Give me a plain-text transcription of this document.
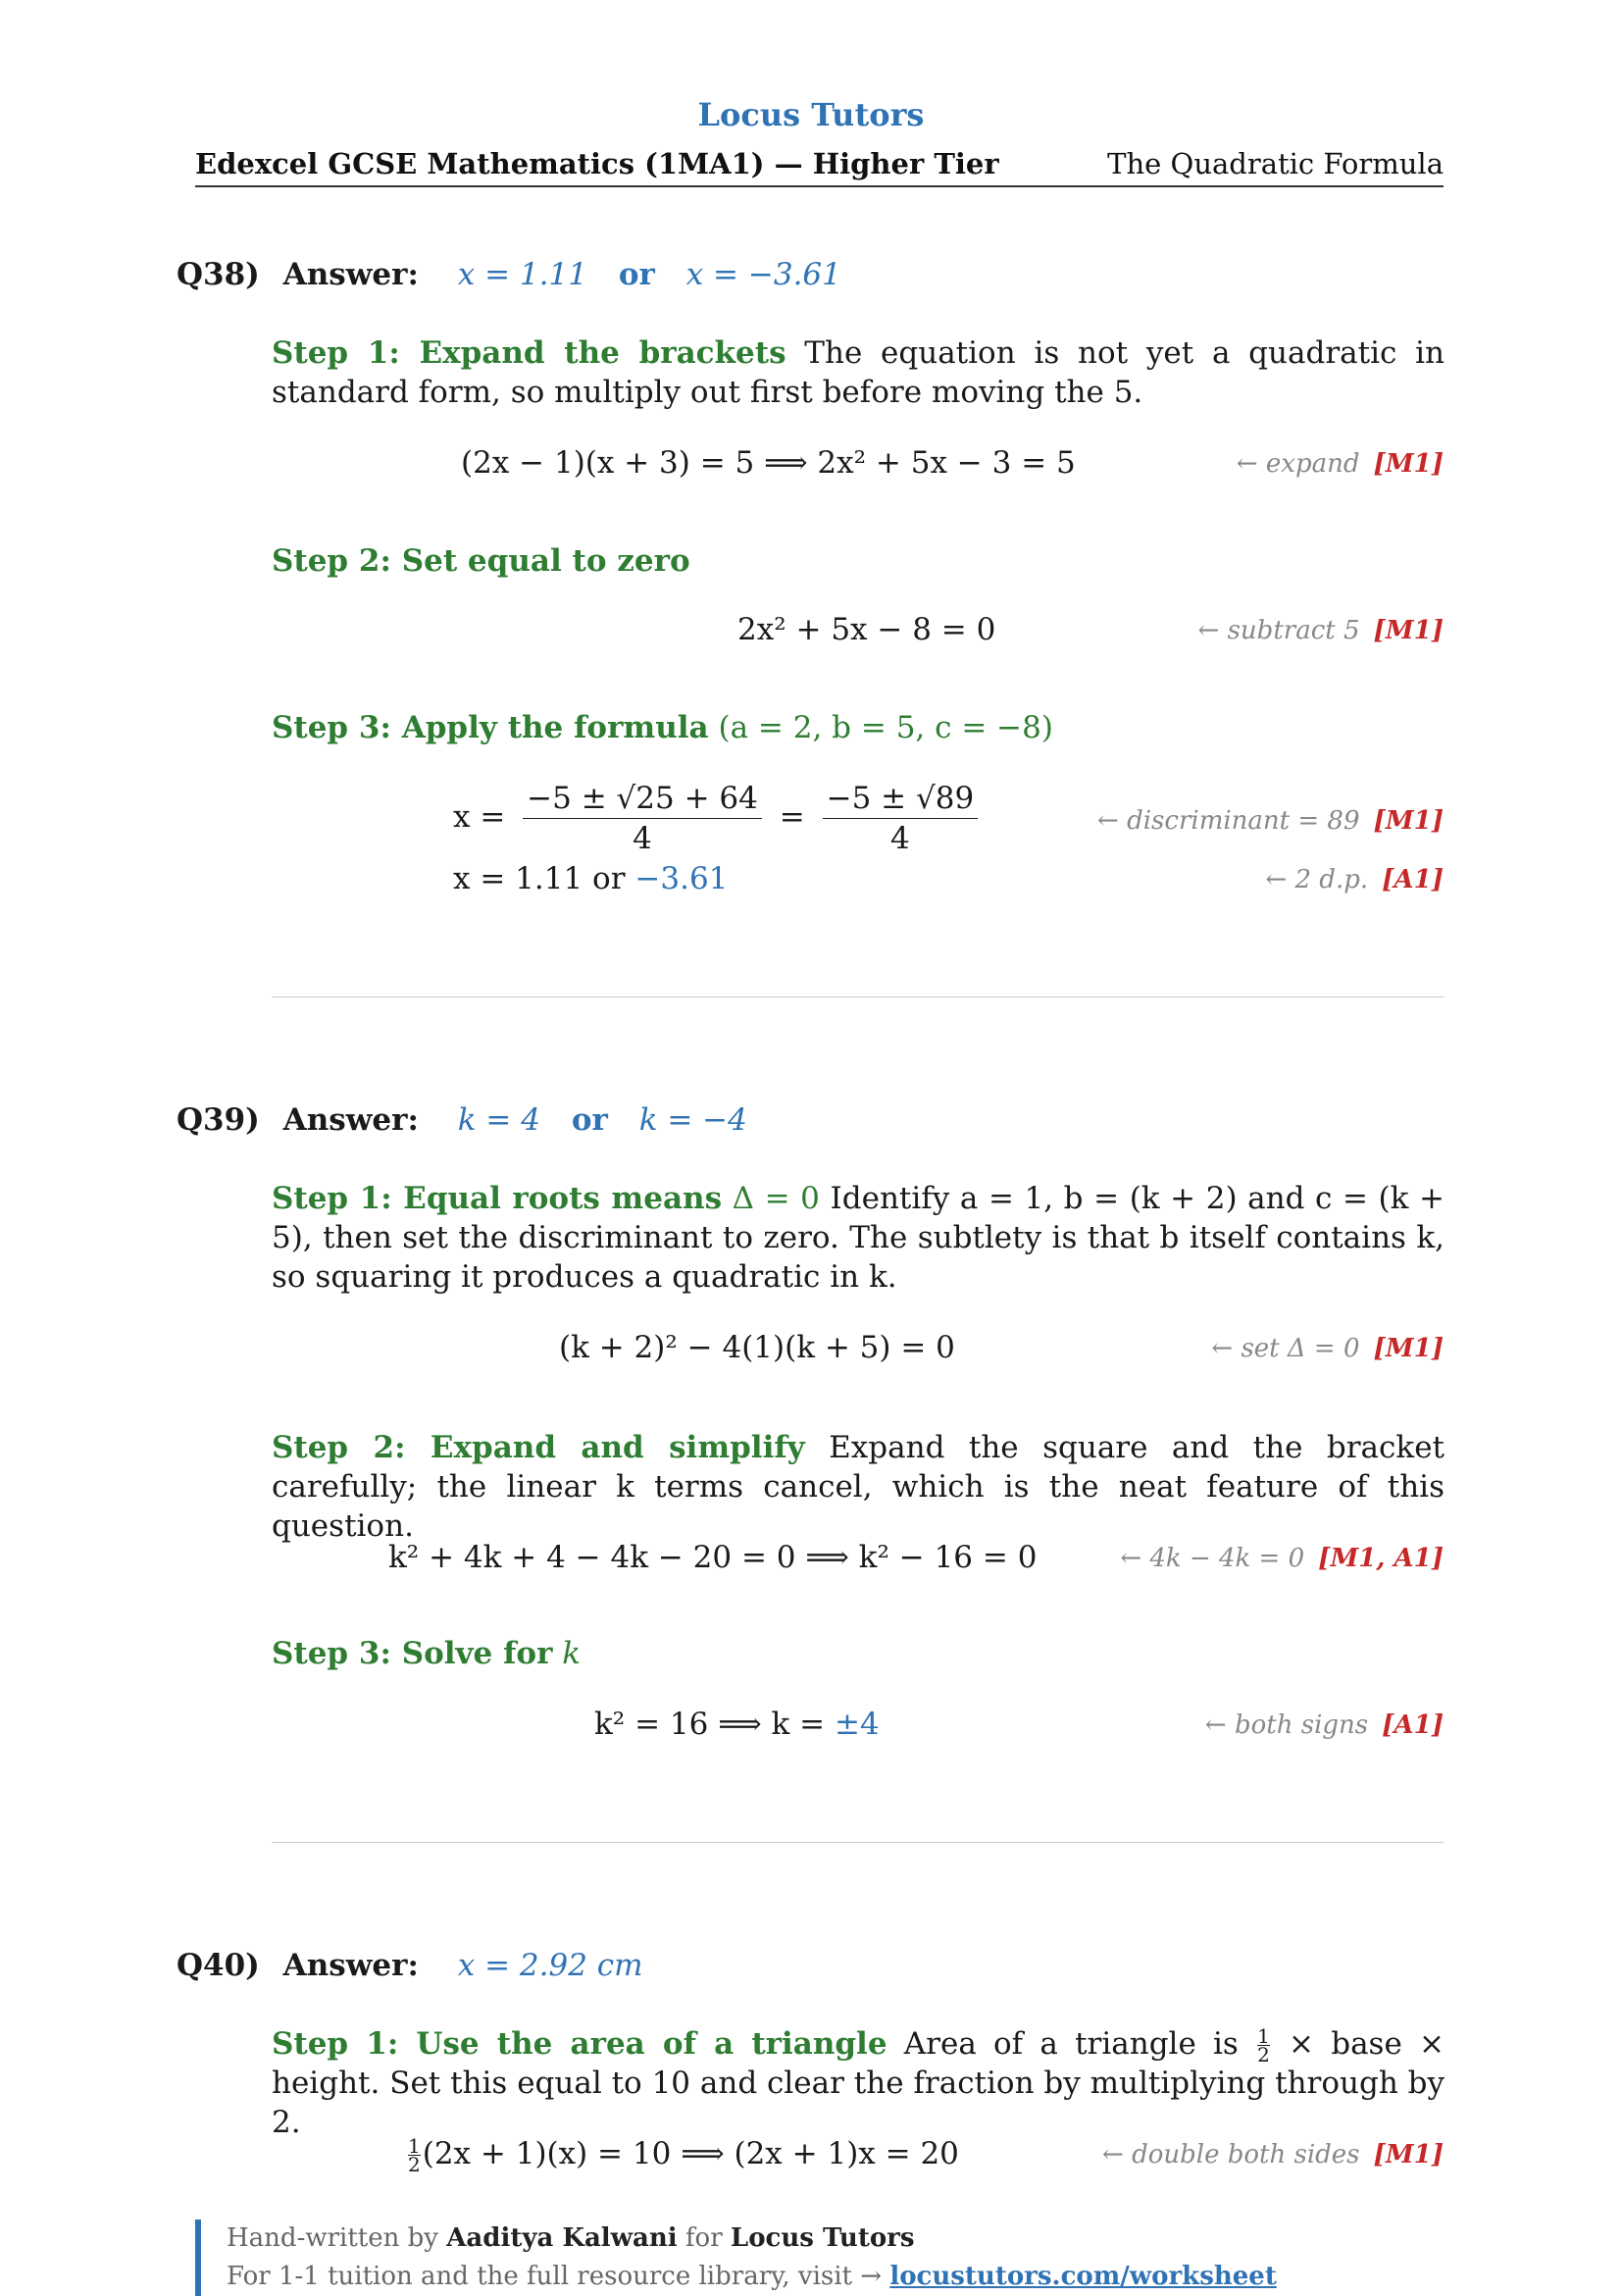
Locus Tutors
Edexcel GCSE Mathematics (1MA1) — Higher Tier	The Quadratic Formula
Q38) Answer: x = 1.11 or x = −3.61
Step 1: Expand the brackets The equation is not yet a quadratic in standard form, so multiply out first before moving the 5.
(2x − 1)(x + 3) = 5 ⟹ 2x² + 5x − 3 = 5	← expand [M1]
Step 2: Set equal to zero
2x² + 5x − 8 = 0	← subtract 5 [M1]
Step 3: Apply the formula (a = 2, b = 5, c = −8)
$x = \frac{-5 \pm √25 + 64}{4} = \frac{-5 \pm √89}{4}$	← discriminant = 89 [M1]
x = 1.11 or −3.61	← 2 d.p. [A1]
Q39) Answer: k = 4 or k = −4
Step 1: Equal roots means Δ = 0 Identify a = 1, b = (k + 2) and c = (k + 5), then set the discriminant to zero. The subtlety is that b itself contains k, so squaring it produces a quadratic in k.
(k + 2)² − 4(1)(k + 5) = 0	← set Δ = 0 [M1]
Step 2: Expand and simplify Expand the square and the bracket carefully; the linear k terms cancel, which is the neat feature of this question.
k² + 4k + 4 − 4k − 20 = 0 ⟹ k² − 16 = 0	← 4k − 4k = 0 [M1, A1]
Step 3: Solve for k
k² = 16 ⟹ k = ±4	← both signs [A1]
Q40) Answer: x = 2.92 cm
Step 1: Use the area of a triangle Area of a triangle is $\frac{1}{2}$ × base × height. Set this equal to 10 and clear the fraction by multiplying through by 2.
$\frac{1}{2} (2x + 1)(x) = 10$ ⟹ (2x + 1)x = 20	← double both sides [M1]
Hand-written by Aaditya Kalwani for Locus Tutors
For 1-1 tuition and the full resource library, visit → locustutors.com/worksheet
